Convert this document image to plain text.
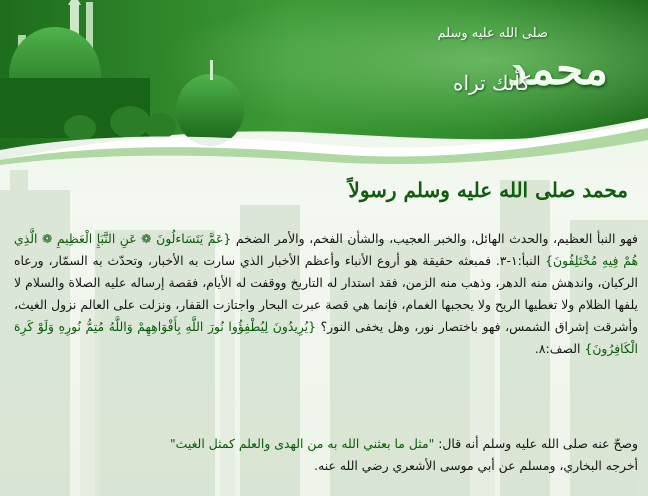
صلى الله عليه وسلم
محمد
كأنك تراه
محمد صلى الله عليه وسلم رسولاً

فهو النبأ العظيم، والحدث الهائل، والخبر العجيب، والشأن الفخم، والأمر الضخم {عَمَّ يَتَسَاءلُونَ ❁ عَنِ النَّبَإِ الْعَظِيمِ ❁ الَّذِي هُمْ فِيهِ مُخْتَلِفُونَ} النبأ:١-٣. فمبعثه حقيقة هو أروع الأنباء وأعظم الأخبار الذي سارت به الأخبار، وتحدّث به السمّار، ورعاه الركبان، واندهش منه الدهر، وذهب منه الزمن، فقد استدار له التاريخ ووقفت له الأيام، فقصة إرساله عليه الصلاة والسلام لا يلفها الظلام ولا تغطيها الريح ولا يحجبها الغمام، فإنما هي قصة عبرت البحار واجتازت القفار، ونزلت على العالم نزول الغيث، وأشرقت إشراق الشمس، فهو باختصار نور، وهل يخفى النور؟ {يُرِيدُونَ لِيُطْفِؤُوا نُورَ اللَّهِ بِأَفْوَاهِهِمْ وَاللَّهُ مُتِمُّ نُورِهِ وَلَوْ كَرِهَ الْكَافِرُونَ} الصف:٨.

وصحّ عنه صلى الله عليه وسلم أنه قال: "مثل ما بعثني الله به من الهدى والعلم كمثل الغيث"

أخرجه البخاري، ومسلم عن أبي موسى الأشعري رضي الله عنه.
